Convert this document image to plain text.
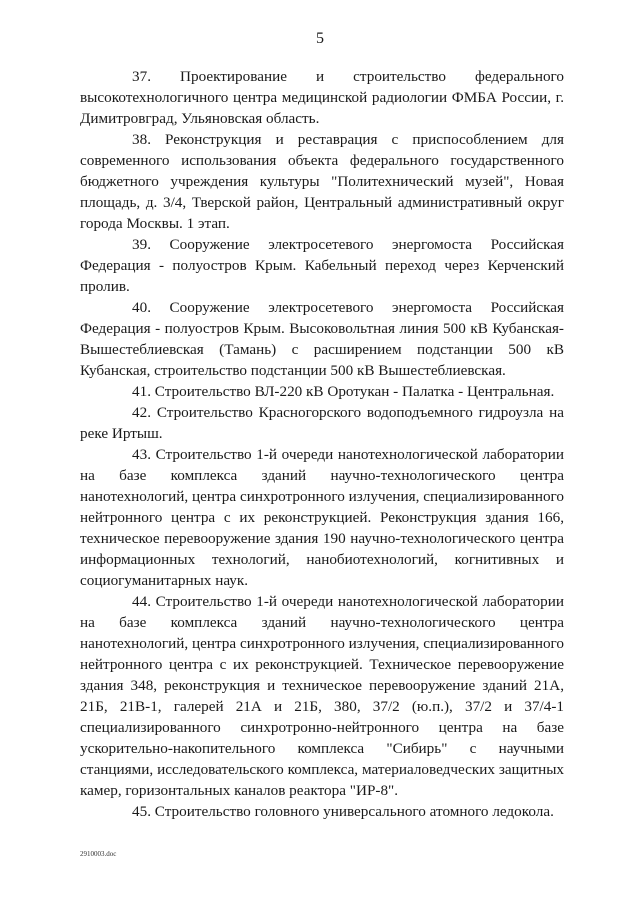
5

37. Проектирование и строительство федерального высокотехнологичного центра медицинской радиологии ФМБА России, г. Димитровград, Ульяновская область.

38. Реконструкция и реставрация с приспособлением для современного использования объекта федерального государственного бюджетного учреждения культуры "Политехнический музей", Новая площадь, д. 3/4, Тверской район, Центральный административный округ города Москвы. 1 этап.

39. Сооружение электросетевого энергомоста Российская Федерация - полуостров Крым. Кабельный переход через Керченский пролив.

40. Сооружение электросетевого энергомоста Российская Федерация - полуостров Крым. Высоковольтная линия 500 кВ Кубанская-Вышестеблиевская (Тамань) с расширением подстанции 500 кВ Кубанская, строительство подстанции 500 кВ Вышестеблиевская.

41. Строительство ВЛ-220 кВ Оротукан - Палатка - Центральная.

42. Строительство Красногорского водоподъемного гидроузла на реке Иртыш.

43. Строительство 1-й очереди нанотехнологической лаборатории на базе комплекса зданий научно-технологического центра нанотехнологий, центра синхротронного излучения, специализированного нейтронного центра с их реконструкцией. Реконструкция здания 166, техническое перевооружение здания 190 научно-технологического центра информационных технологий, нанобиотехнологий, когнитивных и социогуманитарных наук.

44. Строительство 1-й очереди нанотехнологической лаборатории на базе комплекса зданий научно-технологического центра нанотехнологий, центра синхротронного излучения, специализированного нейтронного центра с их реконструкцией. Техническое перевооружение здания 348, реконструкция и техническое перевооружение зданий 21А, 21Б, 21В-1, галерей 21А и 21Б, 380, 37/2 (ю.п.), 37/2 и 37/4-1 специализированного синхротронно-нейтронного центра на базе ускорительно-накопительного комплекса "Сибирь" с научными станциями, исследовательского комплекса, материаловедческих защитных камер, горизонтальных каналов реактора "ИР-8".

45. Строительство головного универсального атомного ледокола.

2910003.doc
